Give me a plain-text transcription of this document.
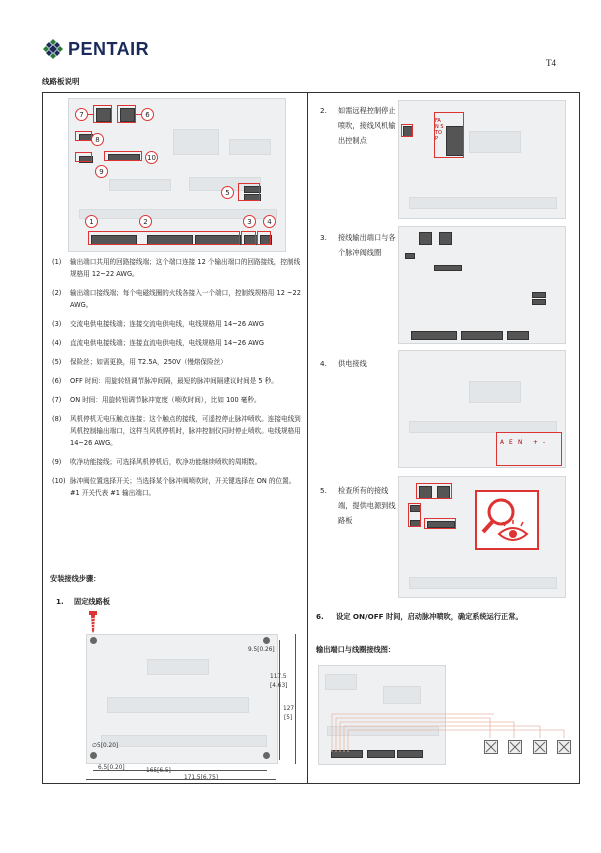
PENTAIR
T4
线路板说明
7	6
8
10
9
5
1	2	3	4
(1) 输出端口共用的回路接线端；这个端口连接 12 个输出端口的回路接线，控制线规格用 12~22 AWG。
(2) 输出端口接线端；每个电磁线圈的火线各接入一个端口，控制线规格用 12 ~22 AWG。
(3) 交流电供电接线端；连接交流电供电线，电线规格用 14~26 AWG
(4) 直流电供电接线端；连接直流电供电线，电线规格用 14~26 AWG
(5) 保险丝；如需更换，用 T2.5A，250V（慢熔保险丝）
(6) OFF 时间：用旋转钮调节脉冲间隔，最短的脉冲间隔建议时间是 5 秒。
(7) ON 时间：用旋转钮调节脉冲宽度（喷吹时间），比如 100 毫秒。
(8) 风机停机无电压触点连接；这个触点的接线，可遥控停止脉冲喷吹。连接电线到风机控制输出端口，这样当风机停机时，脉冲控制仪同时停止喷吹。电线规格用 14~26 AWG。
(9) 吹净功能接线；可选择风机停机后，吹净功能继续喷吹的周期数。
(10) 脉冲阀位置选择开关；当选择某个脉冲阀喷吹时，开关键选择在 ON 的位置。#1 开关代表 #1 输出端口。
安装接线步骤：
1. 固定线路板
9.5[0.26]
117.5
[4.63]
127
[5]
∅5[0.20]
6.5[0.20]	165[6.5]
171.5[6.75]
2. 如需远程控制停止喷吹，接线风机输出控制点
FAN STOP
3. 接线输出端口与各个脉冲阀线圈
4. 供电接线
A E N + -
5. 检查所有的接线端，提供电源到线路板
6. 设定 ON/OFF 时间，启动脉冲喷吹，确定系统运行正常。
输出端口与线圈接线图：
